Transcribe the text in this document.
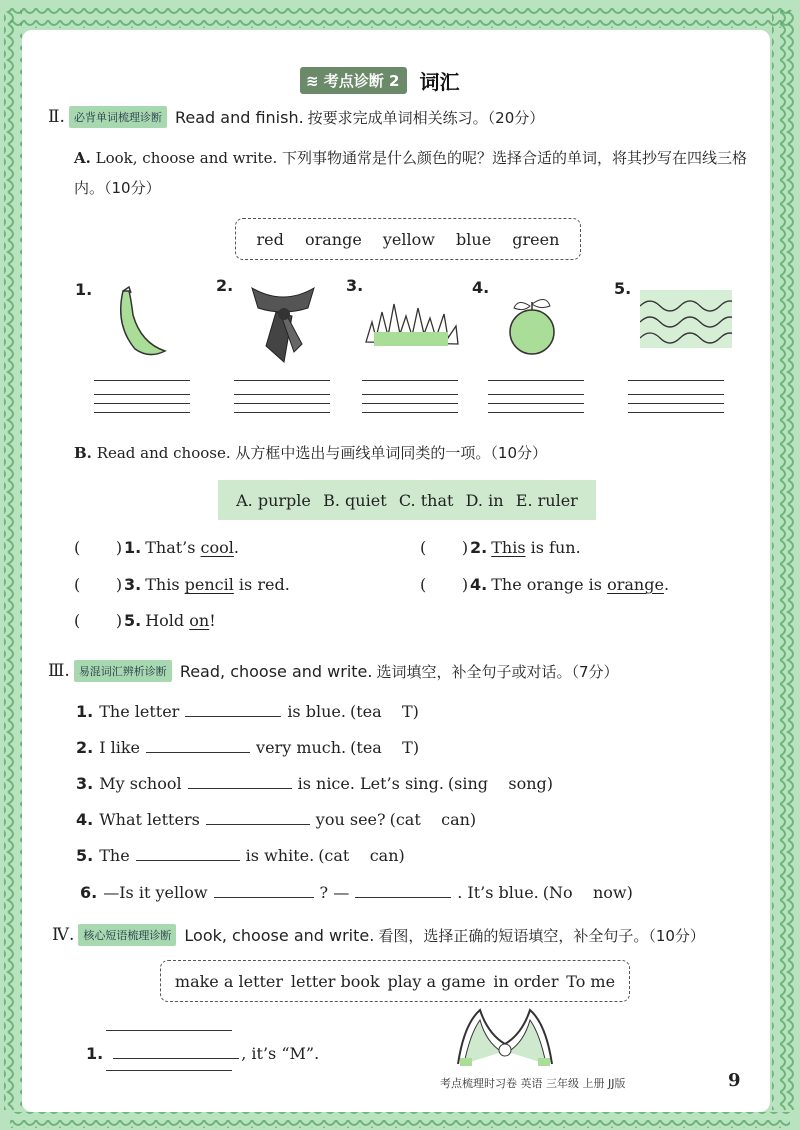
≋ 考点诊断 2	词汇
Ⅱ. 必背单词梳理诊断 Read and finish. 按要求完成单词相关练习。（20分）
A. Look, choose and write. 下列事物通常是什么颜色的呢？选择合适的单词，将其抄写在四线三格内。（10分）
red orange yellow blue green
1.	2.	3.	4.	5.
B. Read and choose. 从方框中选出与画线单词同类的一项。（10分）
A. purple B. quiet C. that D. in E. ruler
(       ) 1. That’s cool .	(       ) 2. This is fun.
(       ) 3. This pencil is red.	(       ) 4. The orange is orange .
(       ) 5. Hold on !
Ⅲ. 易混词汇辨析诊断 Read, choose and write. 选词填空，补全句子或对话。（7分）
1. The letter	is blue. (tea    T)
2. I like	very much. (tea    T)
3. My school	is nice. Let’s sing. (sing    song)
4. What letters	you see? (cat    can)
5. The	is white. (cat    can)
6. —Is it yellow	? —	. It’s blue. (No    now)
Ⅳ. 核心短语梳理诊断 Look, choose and write. 看图，选择正确的短语填空，补全句子。（10分）
make a letter letter book play a game in order To me
1.	, it’s “M”.
考点梳理时习卷 英语 三年级 上册 JJ版	9
